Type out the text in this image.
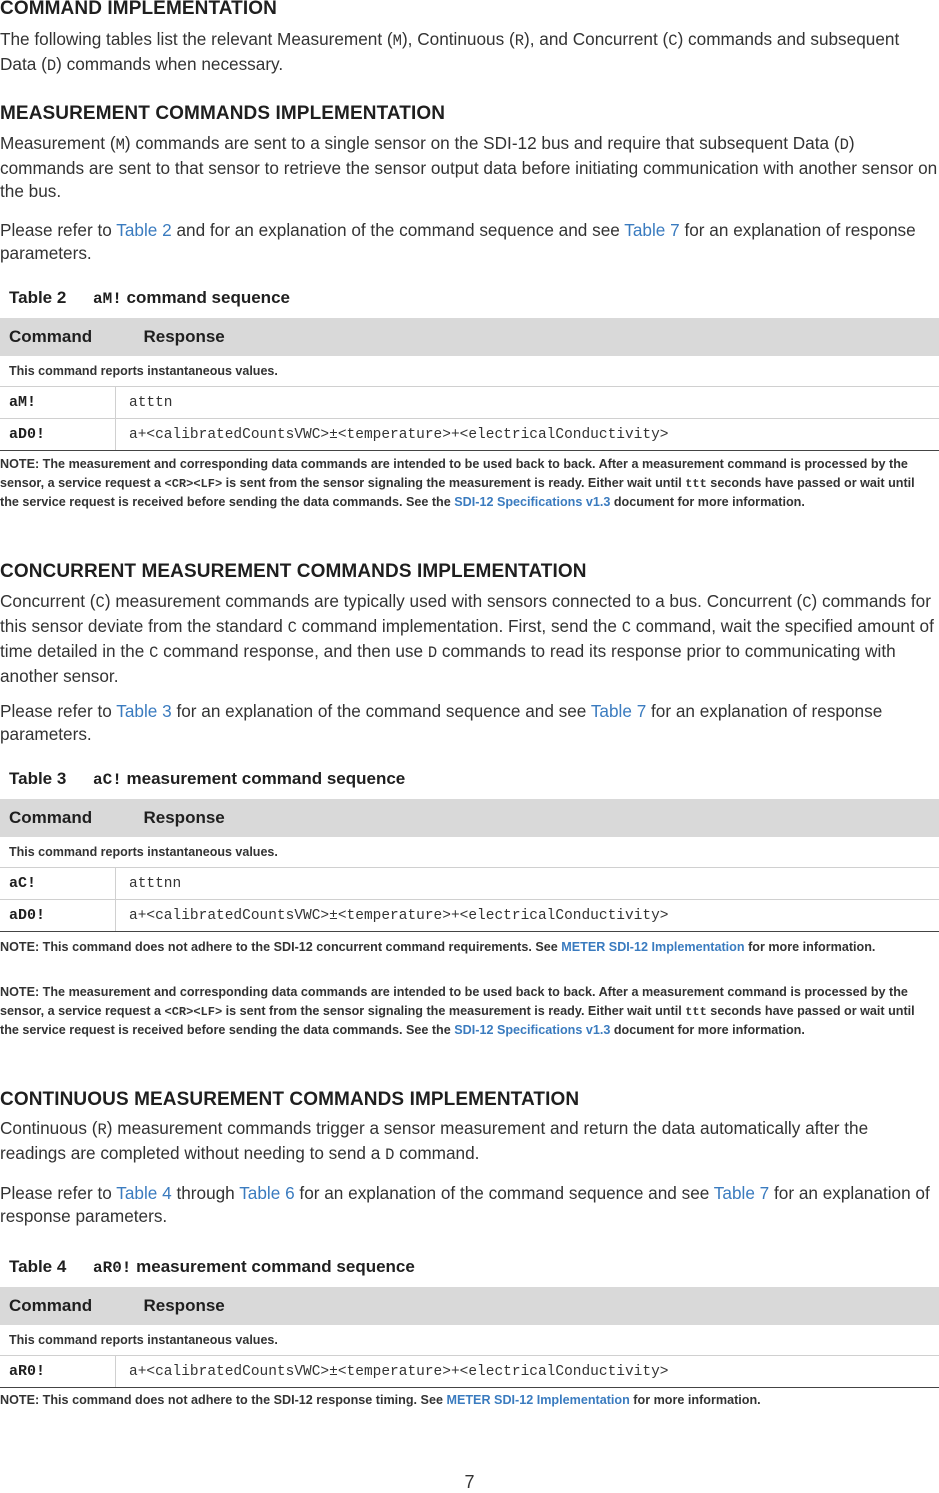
COMMAND IMPLEMENTATION

The following tables list the relevant Measurement (M), Continuous (R), and Concurrent (C) commands and subsequent Data (D) commands when necessary.

MEASUREMENT COMMANDS IMPLEMENTATION

Measurement (M) commands are sent to a single sensor on the SDI-12 bus and require that subsequent Data (D) commands are sent to that sensor to retrieve the sensor output data before initiating communication with another sensor on the bus.

Please refer to Table 2 and for an explanation of the command sequence and see Table 7 for an explanation of response parameters.

Table 2 aM! command sequence
Command	Response
This command reports instantaneous values.	
aM!	atttn
aD0!	a+<calibratedCountsVWC>±<temperature>+<electricalConductivity>

NOTE: The measurement and corresponding data commands are intended to be used back to back. After a measurement command is processed by the sensor, a service request a <CR><LF> is sent from the sensor signaling the measurement is ready. Either wait until ttt seconds have passed or wait until the service request is received before sending the data commands. See the SDI-12 Specifications v1.3 document for more information.

CONCURRENT MEASUREMENT COMMANDS IMPLEMENTATION

Concurrent (C) measurement commands are typically used with sensors connected to a bus. Concurrent (C) commands for this sensor deviate from the standard C command implementation. First, send the C command, wait the specified amount of time detailed in the C command response, and then use D commands to read its response prior to communicating with another sensor.

Please refer to Table 3 for an explanation of the command sequence and see Table 7 for an explanation of response parameters.

Table 3 aC! measurement command sequence
Command	Response
This command reports instantaneous values.	
aC!	atttnn
aD0!	a+<calibratedCountsVWC>±<temperature>+<electricalConductivity>

NOTE: This command does not adhere to the SDI-12 concurrent command requirements. See METER SDI-12 Implementation for more information.

NOTE: The measurement and corresponding data commands are intended to be used back to back. After a measurement command is processed by the sensor, a service request a <CR><LF> is sent from the sensor signaling the measurement is ready. Either wait until ttt seconds have passed or wait until the service request is received before sending the data commands. See the SDI-12 Specifications v1.3 document for more information.

CONTINUOUS MEASUREMENT COMMANDS IMPLEMENTATION

Continuous (R) measurement commands trigger a sensor measurement and return the data automatically after the readings are completed without needing to send a D command.

Please refer to Table 4 through Table 6 for an explanation of the command sequence and see Table 7 for an explanation of response parameters.

Table 4 aR0! measurement command sequence
Command	Response
This command reports instantaneous values.	
aR0!	a+<calibratedCountsVWC>±<temperature>+<electricalConductivity>

NOTE: This command does not adhere to the SDI-12 response timing. See METER SDI-12 Implementation for more information.

7
